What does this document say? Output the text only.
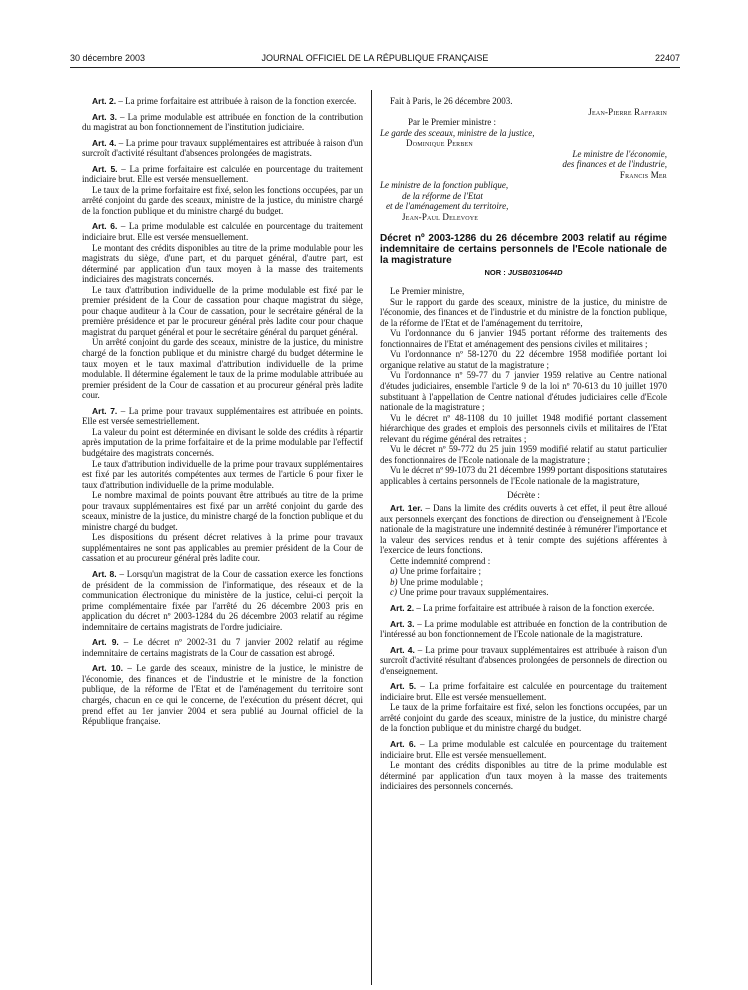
30 décembre 2003	JOURNAL OFFICIEL DE LA RÉPUBLIQUE FRANÇAISE	22407

Art. 2. – La prime forfaitaire est attribuée à raison de la fonction exercée.

Art. 3. – La prime modulable est attribuée en fonction de la contribution du magistrat au bon fonctionnement de l'institution judiciaire.

Art. 4. – La prime pour travaux supplémentaires est attribuée à raison d'un surcroît d'activité résultant d'absences prolongées de magistrats.

Art. 5. – La prime forfaitaire est calculée en pourcentage du traitement indiciaire brut. Elle est versée mensuellement.

Le taux de la prime forfaitaire est fixé, selon les fonctions occupées, par un arrêté conjoint du garde des sceaux, ministre de la justice, du ministre chargé de la fonction publique et du ministre chargé du budget.

Art. 6. – La prime modulable est calculée en pourcentage du traitement indiciaire brut. Elle est versée mensuellement.

Le montant des crédits disponibles au titre de la prime modulable pour les magistrats du siège, d'une part, et du parquet général, d'autre part, est déterminé par application d'un taux moyen à la masse des traitements indiciaires des magistrats concernés.

Le taux d'attribution individuelle de la prime modulable est fixé par le premier président de la Cour de cassation pour chaque magistrat du siège, pour chaque auditeur à la Cour de cassation, pour le secrétaire général de la première présidence et par le procureur général près ladite cour pour chaque magistrat du parquet général et pour le secrétaire général du parquet général.

Un arrêté conjoint du garde des sceaux, ministre de la justice, du ministre chargé de la fonction publique et du ministre chargé du budget détermine le taux moyen et le taux maximal d'attribution individuelle de la prime modulable. Il détermine également le taux de la prime modulable attribuée au premier président de la Cour de cassation et au procureur général près ladite cour.

Art. 7. – La prime pour travaux supplémentaires est attribuée en points. Elle est versée semestriellement.

La valeur du point est déterminée en divisant le solde des crédits à répartir après imputation de la prime forfaitaire et de la prime modulable par l'effectif budgétaire des magistrats concernés.

Le taux d'attribution individuelle de la prime pour travaux supplémentaires est fixé par les autorités compétentes aux termes de l'article 6 pour fixer le taux d'attribution individuelle de la prime modulable.

Le nombre maximal de points pouvant être attribués au titre de la prime pour travaux supplémentaires est fixé par un arrêté conjoint du garde des sceaux, ministre de la justice, du ministre chargé de la fonction publique et du ministre chargé du budget.

Les dispositions du présent décret relatives à la prime pour travaux supplémentaires ne sont pas applicables au premier président de la Cour de cassation et au procureur général près ladite cour.

Art. 8. – Lorsqu'un magistrat de la Cour de cassation exerce les fonctions de président de la commission de l'informatique, des réseaux et de la communication électronique du ministère de la justice, celui-ci perçoit la prime complémentaire fixée par l'arrêté du 26 décembre 2003 pris en application du décret nº 2003-1284 du 26 décembre 2003 relatif au régime indemnitaire de certains magistrats de l'ordre judiciaire.

Art. 9. – Le décret nº 2002-31 du 7 janvier 2002 relatif au régime indemnitaire de certains magistrats de la Cour de cassation est abrogé.

Art. 10. – Le garde des sceaux, ministre de la justice, le ministre de l'économie, des finances et de l'industrie et le ministre de la fonction publique, de la réforme de l'Etat et de l'aménagement du territoire sont chargés, chacun en ce qui le concerne, de l'exécution du présent décret, qui prend effet au 1er janvier 2004 et sera publié au Journal officiel de la République française.

Fait à Paris, le 26 décembre 2003.

Jean-Pierre Raffarin

Par le Premier ministre :

Le garde des sceaux, ministre de la justice,

Dominique Perben

Le ministre de l'économie,

des finances et de l'industrie,

Francis Mer

Le ministre de la fonction publique,

de la réforme de l'Etat

et de l'aménagement du territoire,

Jean-Paul Delevoye

Décret nº 2003-1286 du 26 décembre 2003 relatif au régime indemnitaire de certains personnels de l'Ecole nationale de la magistrature

NOR : JUSB0310644D

Le Premier ministre,

Sur le rapport du garde des sceaux, ministre de la justice, du ministre de l'économie, des finances et de l'industrie et du ministre de la fonction publique, de la réforme de l'Etat et de l'aménagement du territoire,

Vu l'ordonnance du 6 janvier 1945 portant réforme des traitements des fonctionnaires de l'Etat et aménagement des pensions civiles et militaires ;

Vu l'ordonnance nº 58-1270 du 22 décembre 1958 modifiée portant loi organique relative au statut de la magistrature ;

Vu l'ordonnance nº 59-77 du 7 janvier 1959 relative au Centre national d'études judiciaires, ensemble l'article 9 de la loi nº 70-613 du 10 juillet 1970 substituant à l'appellation de Centre national d'études judiciaires celle d'Ecole nationale de la magistrature ;

Vu le décret nº 48-1108 du 10 juillet 1948 modifié portant classement hiérarchique des grades et emplois des personnels civils et militaires de l'Etat relevant du régime général des retraites ;

Vu le décret nº 59-772 du 25 juin 1959 modifié relatif au statut particulier des fonctionnaires de l'Ecole nationale de la magistrature ;

Vu le décret nº 99-1073 du 21 décembre 1999 portant dispositions statutaires applicables à certains personnels de l'Ecole nationale de la magistrature,

Décrète :

Art. 1er. – Dans la limite des crédits ouverts à cet effet, il peut être alloué aux personnels exerçant des fonctions de direction ou d'enseignement à l'Ecole nationale de la magistrature une indemnité destinée à rémunérer l'importance et la valeur des services rendus et à tenir compte des sujétions afférentes à l'exercice de leurs fonctions.

Cette indemnité comprend :

a) Une prime forfaitaire ;

b) Une prime modulable ;

c) Une prime pour travaux supplémentaires.

Art. 2. – La prime forfaitaire est attribuée à raison de la fonction exercée.

Art. 3. – La prime modulable est attribuée en fonction de la contribution de l'intéressé au bon fonctionnement de l'Ecole nationale de la magistrature.

Art. 4. – La prime pour travaux supplémentaires est attribuée à raison d'un surcroît d'activité résultant d'absences prolongées de personnels de direction ou d'enseignement.

Art. 5. – La prime forfaitaire est calculée en pourcentage du traitement indiciaire brut. Elle est versée mensuellement.

Le taux de la prime forfaitaire est fixé, selon les fonctions occupées, par un arrêté conjoint du garde des sceaux, ministre de la justice, du ministre chargé de la fonction publique et du ministre chargé du budget.

Art. 6. – La prime modulable est calculée en pourcentage du traitement indiciaire brut. Elle est versée mensuellement.

Le montant des crédits disponibles au titre de la prime modulable est déterminé par application d'un taux moyen à la masse des traitements indiciaires des personnels concernés.
